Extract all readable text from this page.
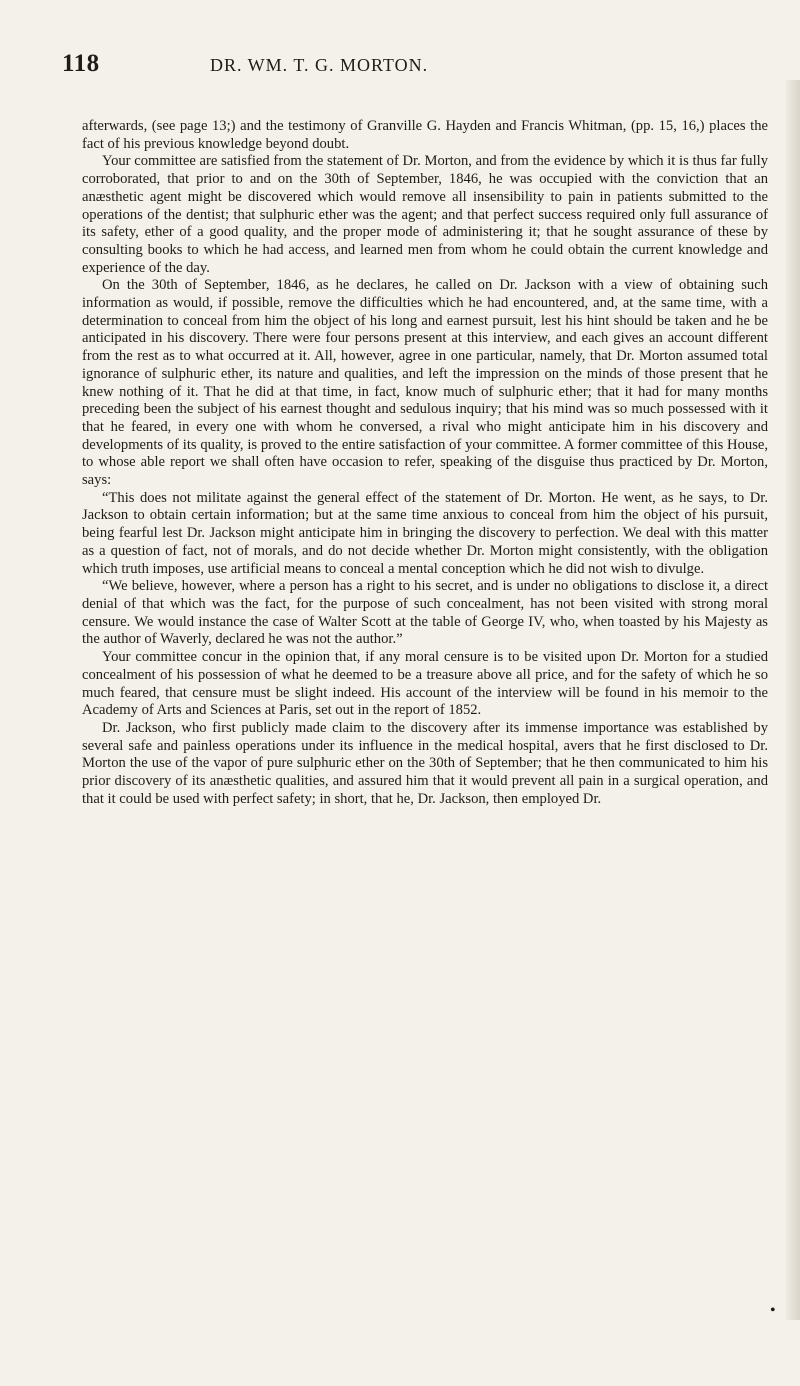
118	DR. WM. T. G. MORTON.

afterwards, (see page 13;) and the testimony of Granville G. Hayden and Francis Whitman, (pp. 15, 16,) places the fact of his previous knowledge beyond doubt.

Your committee are satisfied from the statement of Dr. Morton, and from the evidence by which it is thus far fully corroborated, that prior to and on the 30th of September, 1846, he was occupied with the conviction that an anæsthetic agent might be discovered which would remove all insensibility to pain in patients submitted to the operations of the dentist; that sulphuric ether was the agent; and that perfect success required only full assurance of its safety, ether of a good quality, and the proper mode of administering it; that he sought assurance of these by consulting books to which he had access, and learned men from whom he could obtain the current knowledge and experience of the day.

On the 30th of September, 1846, as he declares, he called on Dr. Jackson with a view of obtaining such information as would, if possible, remove the difficulties which he had encountered, and, at the same time, with a determination to conceal from him the object of his long and earnest pursuit, lest his hint should be taken and he be anticipated in his discovery. There were four persons present at this interview, and each gives an account different from the rest as to what occurred at it. All, however, agree in one particular, namely, that Dr. Morton assumed total ignorance of sulphuric ether, its nature and qualities, and left the impression on the minds of those present that he knew nothing of it. That he did at that time, in fact, know much of sulphuric ether; that it had for many months preceding been the subject of his earnest thought and sedulous inquiry; that his mind was so much possessed with it that he feared, in every one with whom he conversed, a rival who might anticipate him in his discovery and developments of its quality, is proved to the entire satisfaction of your committee. A former committee of this House, to whose able report we shall often have occasion to refer, speaking of the disguise thus practiced by Dr. Morton, says:

“This does not militate against the general effect of the statement of Dr. Morton. He went, as he says, to Dr. Jackson to obtain certain information; but at the same time anxious to conceal from him the object of his pursuit, being fearful lest Dr. Jackson might anticipate him in bringing the discovery to perfection. We deal with this matter as a question of fact, not of morals, and do not decide whether Dr. Morton might consistently, with the obligation which truth imposes, use artificial means to conceal a mental conception which he did not wish to divulge.

“We believe, however, where a person has a right to his secret, and is under no obligations to disclose it, a direct denial of that which was the fact, for the purpose of such concealment, has not been visited with strong moral censure. We would instance the case of Walter Scott at the table of George IV, who, when toasted by his Majesty as the author of Waverly, declared he was not the author.”

Your committee concur in the opinion that, if any moral censure is to be visited upon Dr. Morton for a studied concealment of his possession of what he deemed to be a treasure above all price, and for the safety of which he so much feared, that censure must be slight indeed. His account of the interview will be found in his memoir to the Academy of Arts and Sciences at Paris, set out in the report of 1852.

Dr. Jackson, who first publicly made claim to the discovery after its immense importance was established by several safe and painless operations under its influence in the medical hospital, avers that he first disclosed to Dr. Morton the use of the vapor of pure sulphuric ether on the 30th of September; that he then communicated to him his prior discovery of its anæsthetic qualities, and assured him that it would prevent all pain in a surgical operation, and that it could be used with perfect safety; in short, that he, Dr. Jackson, then employed Dr.

•
